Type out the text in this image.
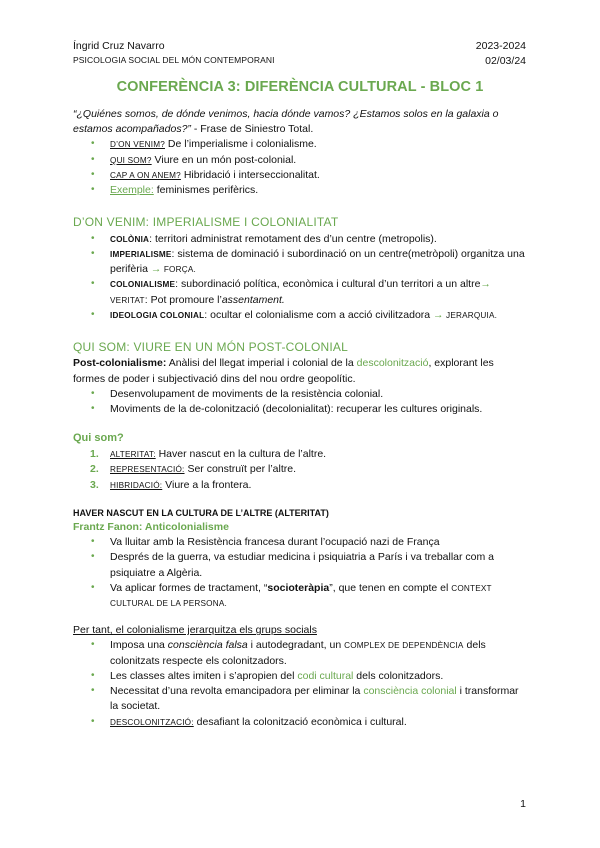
Íngrid Cruz Navarro	2023-2024
PSICOLOGIA SOCIAL DEL MÓN CONTEMPORANI	02/03/24
CONFERÈNCIA 3: DIFERÈNCIA CULTURAL - BLOC 1

“¿Quiénes somos, de dónde venimos, hacia dónde vamos? ¿Estamos solos en la galaxia o estamos acompañados?” - Frase de Siniestro Total.

• D’ON VENIM? De l’imperialisme i colonialisme.
• QUI SOM? Viure en un món post-colonial.
• CAP A ON ANEM? Hibridació i interseccionalitat.
• Exemple: feminismes perifèrics.
D’ON VENIM: IMPERIALISME I COLONIALITAT
• COLÒNIA: territori administrat remotament des d’un centre (metropolis).
• IMPERIALISME: sistema de dominació i subordinació on un centre(metròpoli) organitza una perifèria → FORÇA.
• COLONIALISME: subordinació política, econòmica i cultural d’un territori a un altre→ VERITAT: Pot promoure l’assentament.
• IDEOLOGIA COLONIAL: ocultar el colonialisme com a acció civilitzadora → JERARQUIA.
QUI SOM: VIURE EN UN MÓN POST-COLONIAL

Post-colonialisme: Anàlisi del llegat imperial i colonial de la descolonització, explorant les formes de poder i subjectivació dins del nou ordre geopolític.

• Desenvolupament de moviments de la resistència colonial.
• Moviments de la de-colonització (decolonialitat): recuperar les cultures originals.
Qui som?
1. ALTERITAT: Haver nascut en la cultura de l’altre.
2. REPRESENTACIÓ: Ser construït per l’altre.
3. HIBRIDACIÓ: Viure a la frontera.
HAVER NASCUT EN LA CULTURA DE L’ALTRE (ALTERITAT)
Frantz Fanon: Anticolonialisme
• Va lluitar amb la Resistència francesa durant l’ocupació nazi de França
• Després de la guerra, va estudiar medicina i psiquiatria a París i va treballar com a psiquiatre a Algèria.
• Va aplicar formes de tractament, “socioteràpia”, que tenen en compte el CONTEXT CULTURAL DE LA PERSONA.

Per tant, el colonialisme jerarquitza els grups socials

• Imposa una consciència falsa i autodegradant, un COMPLEX DE DEPENDÈNCIA dels colonitzats respecte els colonitzadors.
• Les classes altes imiten i s’apropien del codi cultural dels colonitzadors.
• Necessitat d’una revolta emancipadora per eliminar la consciència colonial i transformar la societat.
• DESCOLONITZACIÓ: desafiant la colonització econòmica i cultural.
1
